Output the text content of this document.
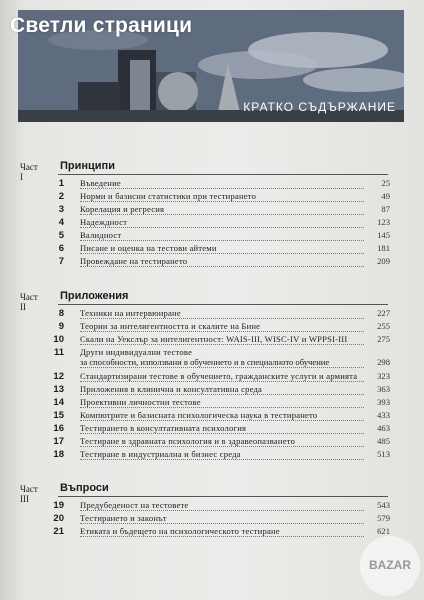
КРАТКО СЪДЪРЖАНИЕ
Светли страници
Част I
Принципи
1 Въведение	25
2 Норми и базисни статистики при тестирането	49
3 Корелация и регресия	87
4 Надеждност	123
5 Валидност	145
6 Писане и оценка на тестови айтеми	181
7 Провеждане на тестирането	209
Част II
Приложения
8 Техники на интервюиране	227
9 Теории за интелигентността и скалите на Бине	255
10 Скали на Уекслър за интелигентност: WAIS-III, WISC-IV и WPPSI-III	275
11 Други индивидуални тестове
за способности, използвани в обучението и в специалното обучение	298
12 Стандартизирани тестове в обучението, гражданските услуги и армията 323
13 Приложения в клинична и консултативна среда	363
14 Проективни личностни тестове	393
15 Компютрите и базисната психологическа наука в тестирането	433
16 Тестирането в консултативната психология	463
17 Тестиране в здравната психология и в здравеопазването	485
18 Тестиране в индустриална и бизнес среда	513
Част III
Въпроси
19 Предубеденост на тестовете	543
20 Тестирането и законът	579
21 Етиката и бъдещето на психологическото тестиране	621
BAZAR
